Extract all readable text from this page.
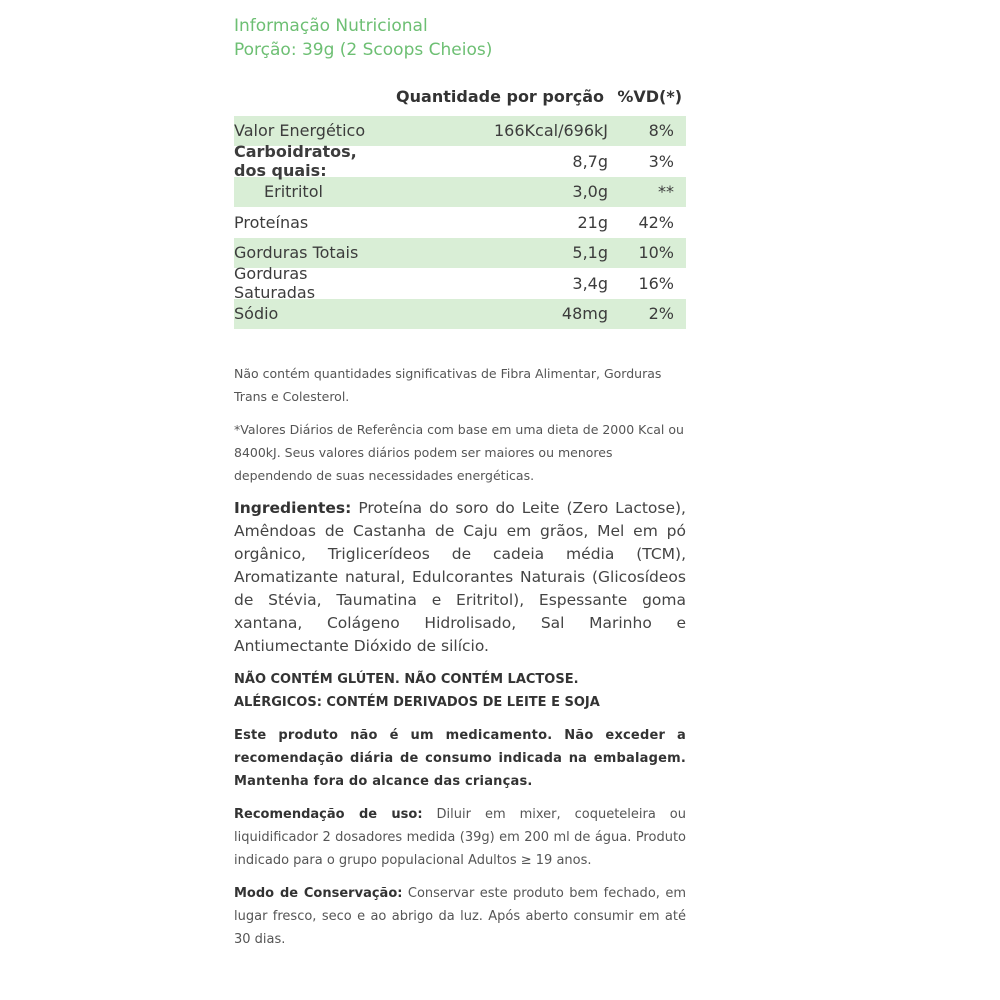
Informação Nutricional
Porção: 39g (2 Scoops Cheios)
Quantidade por porção %VD(*)
Valor Energético	166Kcal/696kJ	8%
Carboidratos, dos quais:	8,7g	3%
Eritritol	3,0g	**
Proteínas	21g	42%
Gorduras Totais	5,1g	10%
Gorduras Saturadas	3,4g	16%
Sódio	48mg	2%
Não contém quantidades significativas de Fibra Alimentar, Gorduras Trans e Colesterol.
*Valores Diários de Referência com base em uma dieta de 2000 Kcal ou 8400kJ. Seus valores diários podem ser maiores ou menores dependendo de suas necessidades energéticas.
Ingredientes: Proteína do soro do Leite (Zero Lactose), Amêndoas de Castanha de Caju em grãos, Mel em pó orgânico, Triglicerídeos de cadeia média (TCM), Aromatizante natural, Edulcorantes Naturais (Glicosídeos de Stévia, Taumatina e Eritritol), Espessante goma xantana, Colágeno Hidrolisado, Sal Marinho e Antiumectante Dióxido de silício.
NÃO CONTÉM GLÚTEN. NÃO CONTÉM LACTOSE.
ALÉRGICOS: CONTÉM DERIVADOS DE LEITE E SOJA
Este produto não é um medicamento. Não exceder a recomendação diária de consumo indicada na embalagem. Mantenha fora do alcance das crianças.
Recomendação de uso: Diluir em mixer, coqueteleira ou liquidificador 2 dosadores medida (39g) em 200 ml de água. Produto indicado para o grupo populacional Adultos ≥ 19 anos.
Modo de Conservação: Conservar este produto bem fechado, em lugar fresco, seco e ao abrigo da luz. Após aberto consumir em até 30 dias.
